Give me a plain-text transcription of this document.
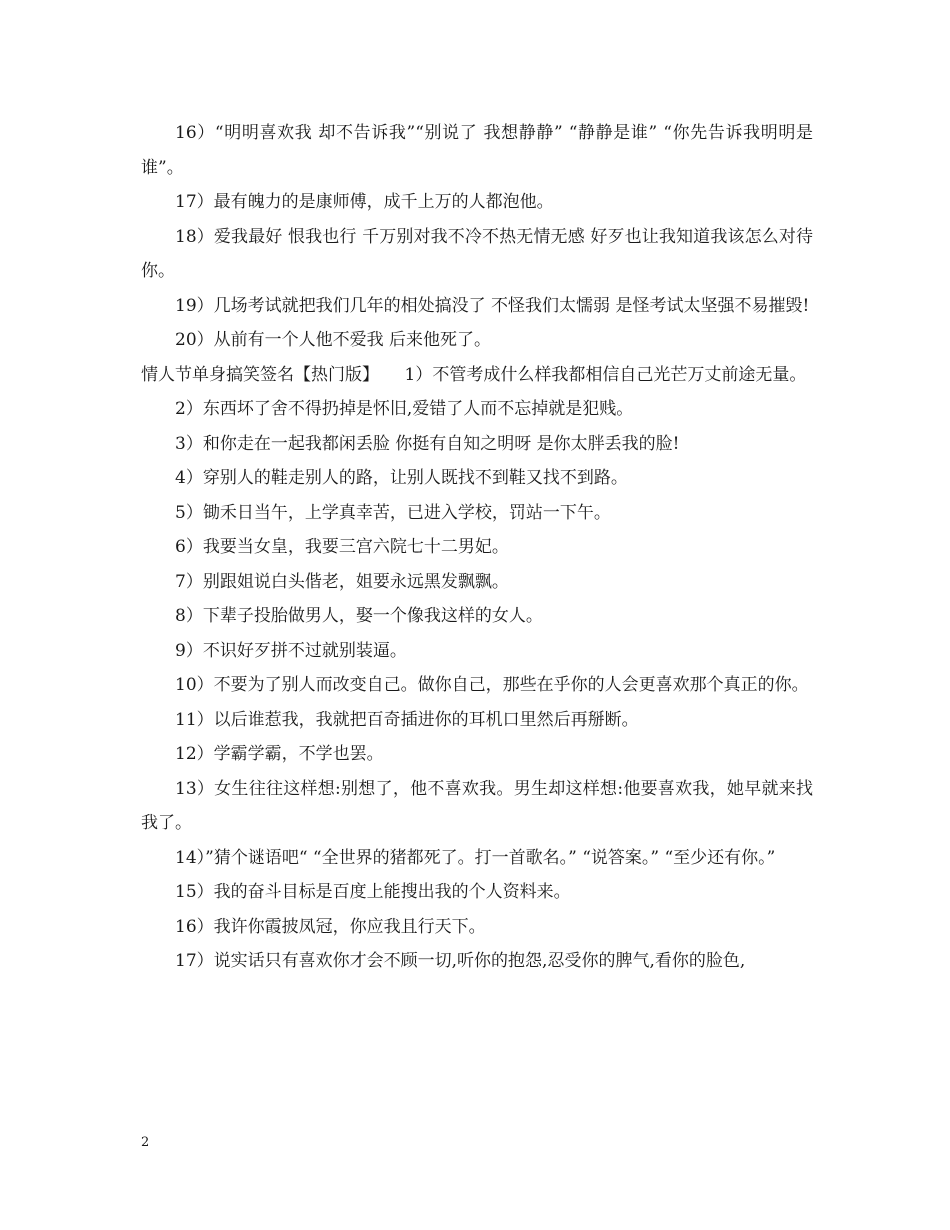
16）“明明喜欢我 却不告诉我”“别说了 我想静静” “静静是谁” “你先告诉我明明是谁”。

17）最有魄力的是康师傅，成千上万的人都泡他。

18）爱我最好 恨我也行 千万别对我不冷不热无情无感 好歹也让我知道我该怎么对待你。

19）几场考试就把我们几年的相处搞没了 不怪我们太懦弱 是怪考试太坚强不易摧毁!

20）从前有一个人他不爱我 后来他死了。

情人节单身搞笑签名【热门版】　　1）不管考成什么样我都相信自己光芒万丈前途无量。

2）东西坏了舍不得扔掉是怀旧,爱错了人而不忘掉就是犯贱。

3）和你走在一起我都闲丢脸 你挺有自知之明呀 是你太胖丢我的脸!

4）穿别人的鞋走别人的路，让别人既找不到鞋又找不到路。

5）锄禾日当午，上学真幸苦，已进入学校，罚站一下午。

6）我要当女皇，我要三宫六院七十二男妃。

7）别跟姐说白头偕老，姐要永远黑发飘飘。

8）下辈子投胎做男人，娶一个像我这样的女人。

9）不识好歹拼不过就别装逼。

10）不要为了别人而改变自己。做你自己，那些在乎你的人会更喜欢那个真正的你。

11）以后谁惹我，我就把百奇插进你的耳机口里然后再掰断。

12）学霸学霸，不学也罢。

13）女生往往这样想:别想了，他不喜欢我。男生却这样想:他要喜欢我，她早就来找我了。

14）”猜个谜语吧“ “全世界的猪都死了。打一首歌名。” “说答案。” “至少还有你。”

15）我的奋斗目标是百度上能搜出我的个人资料来。

16）我许你霞披凤冠，你应我且行天下。

17）说实话只有喜欢你才会不顾一切,听你的抱怨,忍受你的脾气,看你的脸色,

2
